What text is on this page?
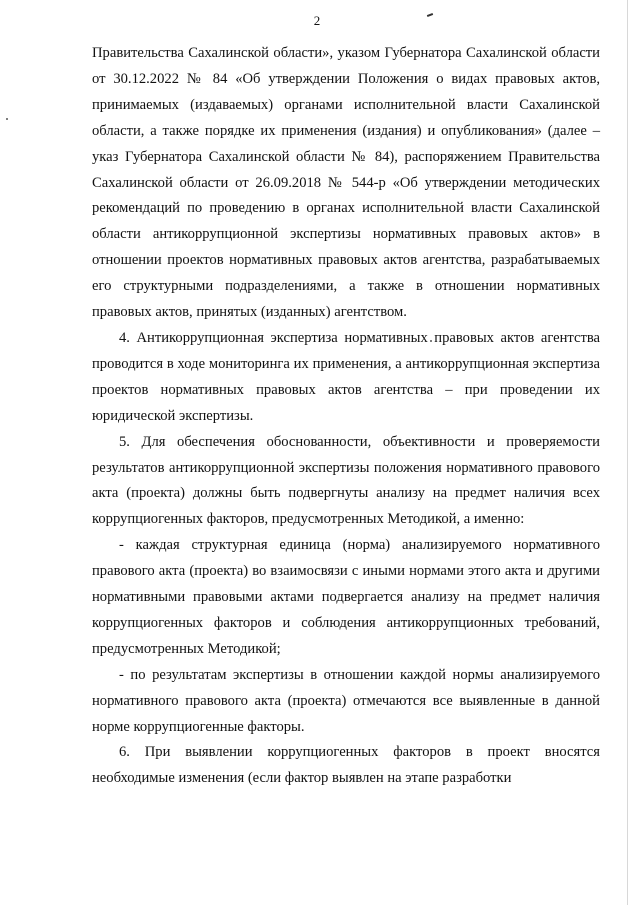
2

Правительства Сахалинской области», указом Губернатора Сахалинской области от 30.12.2022 № 84 «Об утверждении Положения о видах правовых актов, принимаемых (издаваемых) органами исполнительной власти Сахалинской области, а также порядке их применения (издания) и опубликования» (далее – указ Губернатора Сахалинской области № 84), распоряжением Правительства Сахалинской области от 26.09.2018 № 544-р «Об утверждении методических рекомендаций по проведению в органах исполнительной власти Сахалинской области антикоррупционной экспертизы нормативных правовых актов» в отношении проектов нормативных правовых актов агентства, разрабатываемых его структурными подразделениями, а также в отношении нормативных правовых актов, принятых (изданных) агентством.

4. Антикоррупционная экспертиза нормативных правовых актов агентства проводится в ходе мониторинга их применения, а антикоррупционная экспертиза проектов нормативных правовых актов агентства – при проведении их юридической экспертизы.

5. Для обеспечения обоснованности, объективности и проверяемости результатов антикоррупционной экспертизы положения нормативного правового акта (проекта) должны быть подвергнуты анализу на предмет наличия всех коррупциогенных факторов, предусмотренных Методикой, а именно:

- каждая структурная единица (норма) анализируемого нормативного правового акта (проекта) во взаимосвязи с иными нормами этого акта и другими нормативными правовыми актами подвергается анализу на предмет наличия коррупциогенных факторов и соблюдения антикоррупционных требований, предусмотренных Методикой;

- по результатам экспертизы в отношении каждой нормы анализируемого нормативного правового акта (проекта) отмечаются все выявленные в данной норме коррупциогенные факторы.

6. При выявлении коррупциогенных факторов в проект вносятся необходимые изменения (если фактор выявлен на этапе разработки
